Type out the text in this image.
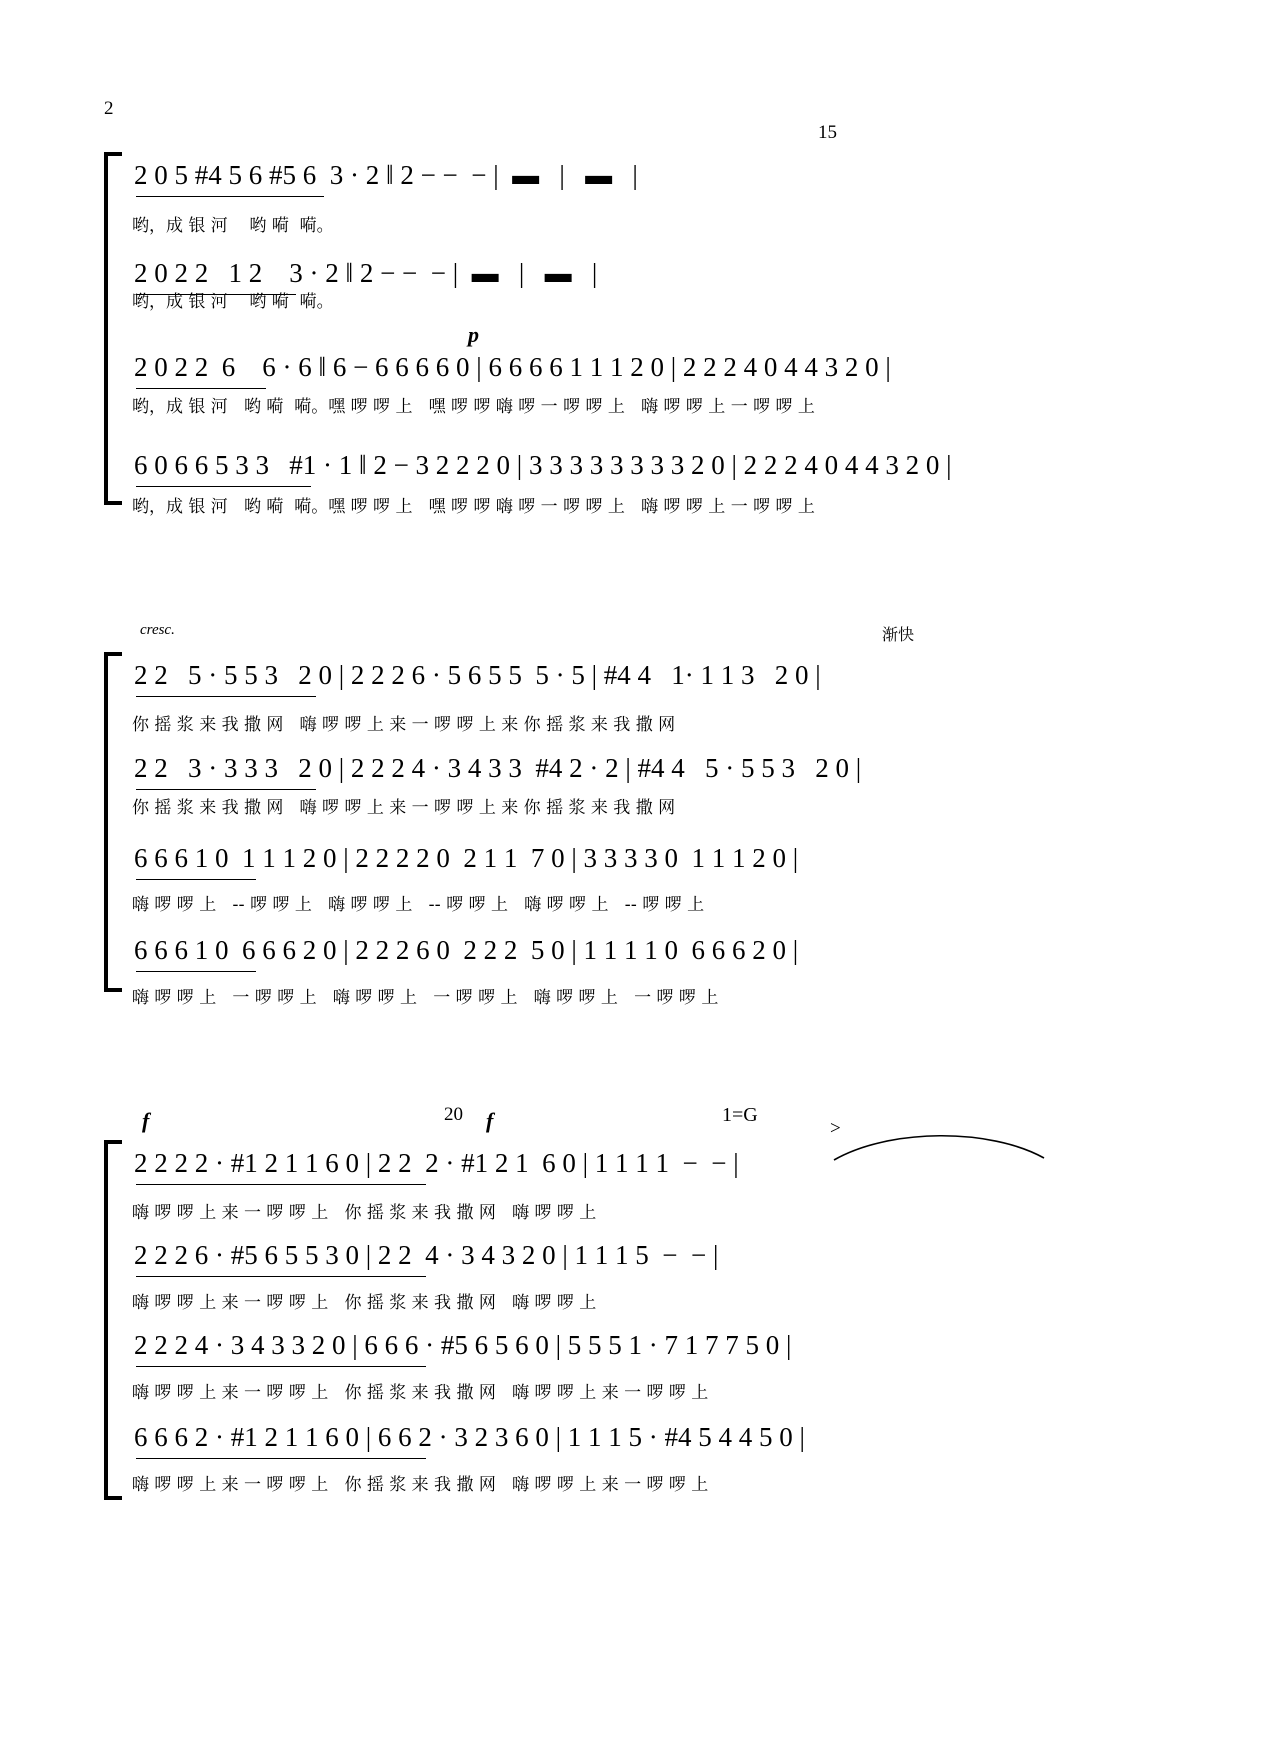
2
15
2 0 5 #4 5 6 #5 6  3 · 2 ‖ 2 − −  − |  ▬   |   ▬   |
哟，成 银 河    哟 嗬  嗬。
2 0 2 2   1 2    3 · 2 ‖ 2 − −  − |  ▬   |   ▬   |
哟，成 银 河    哟 嗬  嗬。
p
2 0 2 2  6    6 · 6 ‖ 6 − 6 6 6 6 0 | 6 6 6 6 1 1 1 2 0 | 2 2 2 4 0 4 4 3 2 0 |
哟，成 银 河   哟 嗬  嗬。嘿 啰 啰 上   嘿 啰 啰 嗨 啰 一 啰 啰 上   嗨 啰 啰 上 一 啰 啰 上
6 0 6 6 5 3 3   #1 · 1 ‖ 2 − 3 2 2 2 0 | 3 3 3 3 3 3 3 3 2 0 | 2 2 2 4 0 4 4 3 2 0 |
哟，成 银 河   哟 嗬  嗬。嘿 啰 啰 上   嘿 啰 啰 嗨 啰 一 啰 啰 上   嗨 啰 啰 上 一 啰 啰 上
cresc.	渐快
2 2   5 · 5 5 3   2 0 | 2 2 2 6 · 5 6 5 5  5 · 5 | #4 4   1· 1 1 3   2 0 |
你 摇 浆 来 我 撒 网   嗨 啰 啰 上 来 一 啰 啰 上 来 你 摇 浆 来 我 撒 网
2 2   3 · 3 3 3   2 0 | 2 2 2 4 · 3 4 3 3  #4 2 · 2 | #4 4   5 · 5 5 3   2 0 |
你 摇 浆 来 我 撒 网   嗨 啰 啰 上 来 一 啰 啰 上 来 你 摇 浆 来 我 撒 网
6 6 6 1 0  1 1 1 2 0 | 2 2 2 2 0  2 1 1  7 0 | 3 3 3 3 0  1 1 1 2 0 |
嗨 啰 啰 上   -- 啰 啰 上   嗨 啰 啰 上   -- 啰 啰 上   嗨 啰 啰 上   -- 啰 啰 上
6 6 6 1 0  6 6 6 2 0 | 2 2 2 6 0  2 2 2  5 0 | 1 1 1 1 0  6 6 6 2 0 |
嗨 啰 啰 上   一 啰 啰 上   嗨 啰 啰 上   一 啰 啰 上   嗨 啰 啰 上   一 啰 啰 上
f	20 f	1=G
>
2 2 2 2 · #1 2 1 1 6 0 | 2 2  2 · #1 2 1  6 0 | 1 1 1 1  −  − |
嗨 啰 啰 上 来 一 啰 啰 上   你 摇 浆 来 我 撒 网   嗨 啰 啰 上
2 2 2 6 · #5 6 5 5 3 0 | 2 2  4 · 3 4 3 2 0 | 1 1 1 5  −  − |
嗨 啰 啰 上 来 一 啰 啰 上   你 摇 浆 来 我 撒 网   嗨 啰 啰 上
2 2 2 4 · 3 4 3 3 2 0 | 6 6 6 · #5 6 5 6 0 | 5 5 5 1 · 7 1 7 7 5 0 |
嗨 啰 啰 上 来 一 啰 啰 上   你 摇 浆 来 我 撒 网   嗨 啰 啰 上 来 一 啰 啰 上
6 6 6 2 · #1 2 1 1 6 0 | 6 6 2 · 3 2 3 6 0 | 1 1 1 5 · #4 5 4 4 5 0 |
嗨 啰 啰 上 来 一 啰 啰 上   你 摇 浆 来 我 撒 网   嗨 啰 啰 上 来 一 啰 啰 上
